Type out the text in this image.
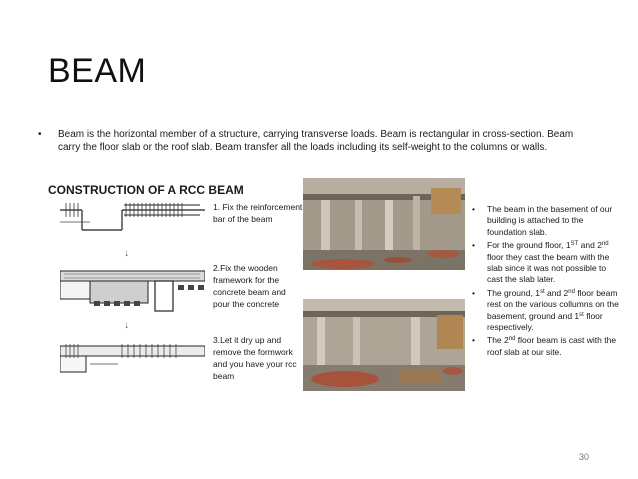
BEAM
• Beam is the horizontal member of a structure, carrying transverse loads. Beam is rectangular in cross-section. Beam carry the floor slab or the roof slab. Beam transfer all the loads including its self-weight to the columns or walls.
CONSTRUCTION OF A RCC BEAM
↓
↓
1. Fix the reinforcement bar of the beam
2.Fix the wooden framework for the concrete beam and pour the concrete
3.Let it dry up and remove the formwork and you have your rcc beam
• The beam in the basement of our building is attached to the foundation slab.
• For the ground floor, 1ST and 2nd floor they cast the beam with the slab since it was not possible to cast the slab later.
• The ground, 1st and 2nd floor beam rest on the various collumns on the basement, ground and 1st floor respectively.
• The 2nd floor beam is cast with the roof slab at our site.
30
